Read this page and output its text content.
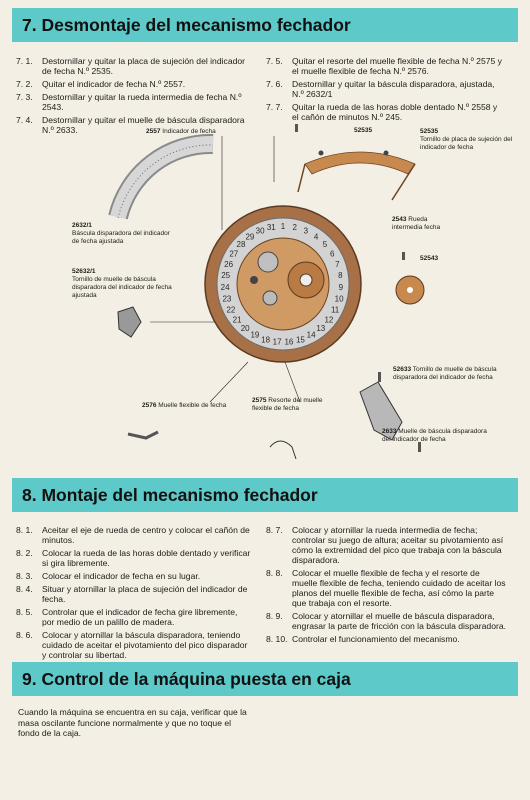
7. Desmontaje del mecanismo fechador
7. 1.	Destornillar y quitar la placa de sujeción del indicador de fecha N.º 2535.
7. 2.	Quitar el indicador de fecha N.º 2557.
7. 3.	Destornillar y quitar la rueda intermedia de fecha N.º 2543.
7. 4.	Destornillar y quitar el muelle de báscula disparadora N.º 2633.
7. 5.	Quitar el resorte del muelle flexible de fecha N.º 2575 y el muelle flexible de fecha N.º 2576.
7. 6.	Destornillar y quitar la báscula disparadora, ajustada, N.º 2632/1
7. 7.	Quitar la rueda de las horas doble dentado N.º 2558 y el cañón de minutos N.º 245.
1 2 3
4
5
6
7
8
9
10
11
12
13
14
15
16
17
18
19
20
21
22
23
24
25
26
27
28
29
30 31
2557 Indicador de fecha	52535	52535
Tornillo de placa de sujeción del indicador de fecha
2632/1
Báscula disparadora del indicador de fecha ajustada
52632/1
Tornillo de muelle de báscula disparadora del indicador de fecha ajustada
2543 Rueda intermedia fecha
52543
2576 Muelle flexible de fecha
2575 Resorte del muelle flexible de fecha
52633 Tornillo de muelle de báscula disparadora del indicador de fecha
2633 Muelle de báscula disparadora del indicador de fecha
8. Montaje del mecanismo fechador
8. 1.	Aceitar el eje de rueda de centro y colocar el cañón de minutos.
8. 2.	Colocar la rueda de las horas doble dentado y verificar si gira libremente.
8. 3.	Colocar el indicador de fecha en su lugar.
8. 4.	Situar y atornillar la placa de sujeción del indicador de fecha.
8. 5.	Controlar que el indicador de fecha gire libremente, por medio de un palillo de madera.
8. 6.	Colocar y atornillar la báscula disparadora, teniendo cuidado de aceitar el pivotamiento del pico disparador y controlar su libertad.
8. 7.	Colocar y atornillar la rueda intermedia de fecha; controlar su juego de altura; aceitar su pivotamiento así cómo la extremidad del pico que trabaja con la báscula disparadora.
8. 8.	Colocar el muelle flexible de fecha y el resorte de muelle flexible de fecha, teniendo cuidado de aceitar los planos del muelle flexible de fecha, así cómo la parte que trabaja con el resorte.
8. 9.	Colocar y atornillar el muelle de báscula disparadora, engrasar la parte de fricción con la báscula disparadora.
8. 10. Controlar el funcionamiento del mecanismo.
9. Control de la máquina puesta en caja
Cuando la máquina se encuentra en su caja, verificar que la masa oscilante funcione normalmente y que no toque el fondo de la caja.
